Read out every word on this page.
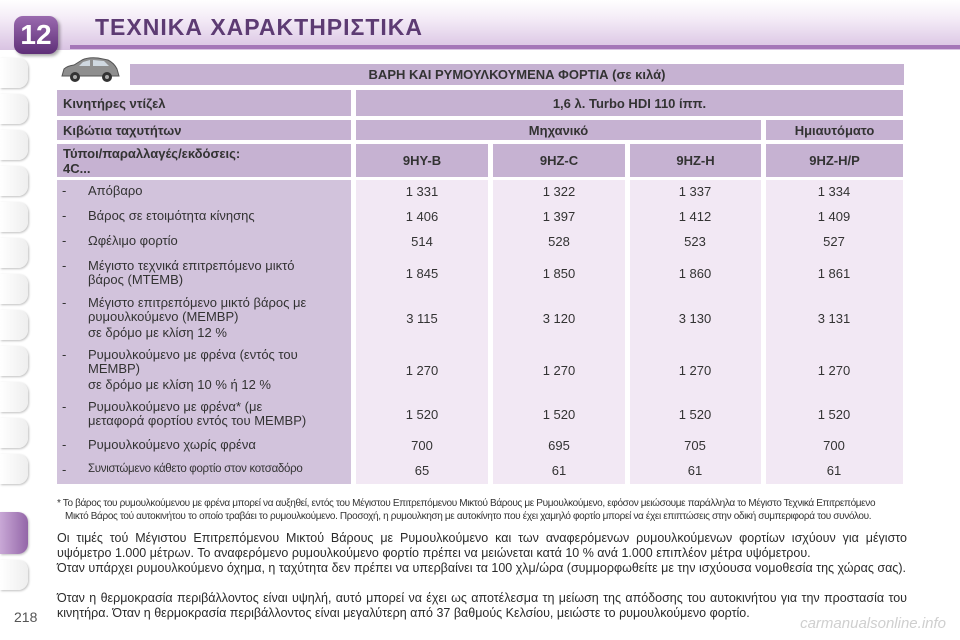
12 ΤΕΧΝΙΚΑ ΧΑΡΑΚΤΗΡΙΣΤΙΚΑ
ΒΑΡΗ ΚΑΙ ΡΥΜΟΥΛΚΟΥΜΕΝΑ ΦΟΡΤΙΑ (σε κιλά)
Κινητήρες ντίζελ	1,6 λ. Turbo HDI 110 ίππ.
Κιβώτια ταχυτήτων	Μηχανικό	Ημιαυτόματο
Τύποι/παραλλαγές/εκδόσεις:
4C...	9HY-B	9HZ-C	9HZ-H	9HZ-H/P
- Απόβαρο	1 331	1 322	1 337	1 334
- Βάρος σε ετοιμότητα κίνησης	1 406	1 397	1 412	1 409
- Ωφέλιμο φορτίο	514	528	523	527
- Μέγιστο τεχνικά επιτρεπόμενο μικτό
βάρος (MTEMB)	1 845	1 850	1 860	1 861
- Μέγιστο επιτρεπόμενο μικτό βάρος με
ρυμουλκούμενο (MEMBP)
σε δρόμο με κλίση 12 %
3 115	3 120	3 130	3 131
- Ρυμουλκούμενο με φρένα (εντός του
MEMBP)
σε δρόμο με κλίση 10 % ή 12 %
1 270	1 270	1 270	1 270
- Ρυμουλκούμενο με φρένα* (με
μεταφορά φορτίου εντός του MEMBP)	1 520	1 520	1 520	1 520
- Ρυμουλκούμενο χωρίς φρένα	700	695	705	700
- Συνιστώμενο κάθετο φορτίο στον κοτσαδόρο	65	61	61	61
* Το βάρος του ρυμουλκούμενου με φρένα μπορεί να αυξηθεί, εντός του Μέγιστου Επιτρεπόμενου Μικτού Βάρους με Ρυμουλκούμενο, εφόσον μειώσουμε παράλληλα το Μέγιστο Τεχνικά Επιτρεπόμενο
Μικτό Βάρος τού αυτοκινήτου το οποίο τραβάει το ρυμουλκούμενο. Προσοχή, η ρυμουλκηση με αυτοκίνητο που έχει χαμηλό φορτίο μπορεί να έχει επιπτώσεις στην οδική συμπεριφορά του συνόλου.
Οι τιμές τού Μέγιστου Επιτρεπόμενου Μικτού Βάρους με Ρυμουλκούμενο και των αναφερόμενων ρυμουλκούμενων φορτίων ισχύουν για μέγιστο υψόμετρο 1.000 μέτρων. Το αναφερόμενο ρυμουλκούμενο φορτίο πρέπει να μειώνεται κατά 10 % ανά 1.000 επιπλέον μέτρα υψόμετρου.
Όταν υπάρχει ρυμουλκούμενο όχημα, η ταχύτητα δεν πρέπει να υπερβαίνει τα 100 χλμ/ώρα (συμμορφωθείτε με την ισχύουσα νομοθεσία της χώρας σας).
Όταν η θερμοκρασία περιβάλλοντος είναι υψηλή, αυτό μπορεί να έχει ως αποτέλεσμα τη μείωση της απόδοσης του αυτοκινήτου για την προστασία του κινητήρα. Όταν η θερμοκρασία περιβάλλοντος είναι μεγαλύτερη από 37 βαθμούς Κελσίου, μειώστε το ρυμουλκούμενο φορτίο.
218	carmanualsonline.info
